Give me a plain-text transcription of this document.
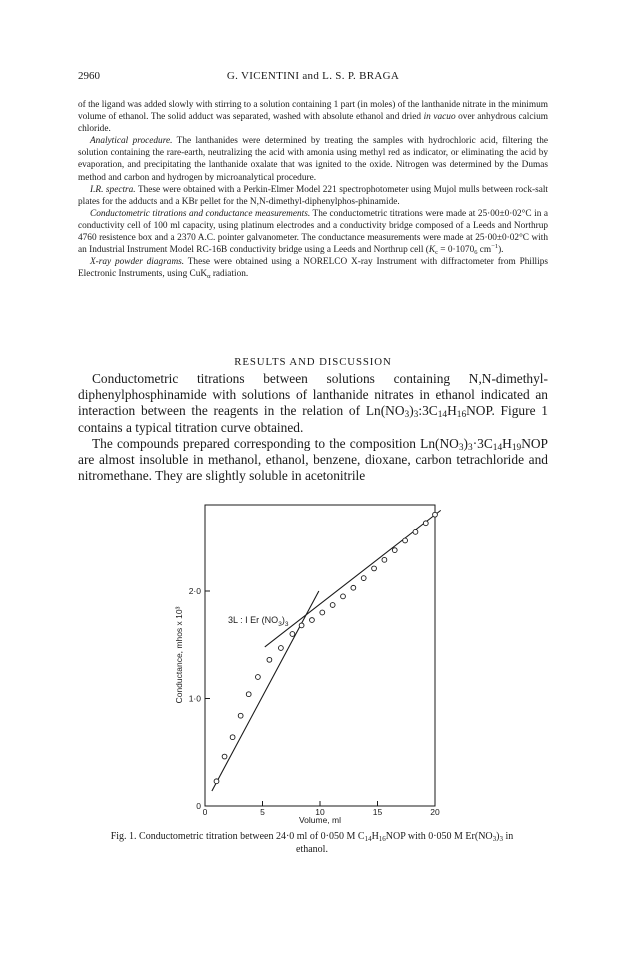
2960	G. VICENTINI and L. S. P. BRAGA

of the ligand was added slowly with stirring to a solution containing 1 part (in moles) of the lanthanide nitrate in the minimum volume of ethanol. The solid adduct was separated, washed with absolute ethanol and dried in vacuo over anhydrous calcium chloride.

Analytical procedure. The lanthanides were determined by treating the samples with hydrochloric acid, filtering the solution containing the rare-earth, neutralizing the acid with amonia using methyl red as indicator, or eliminating the acid by evaporation, and precipitating the lanthanide oxalate that was ignited to the oxide. Nitrogen was determined by the Dumas method and carbon and hydrogen by microanalytical procedure.

I.R. spectra. These were obtained with a Perkin-Elmer Model 221 spectrophotometer using Mujol mulls between rock-salt plates for the adducts and a KBr pellet for the N,N-dimethyl-diphenylphos-phinamide.

Conductometric titrations and conductance measurements. The conductometric titrations were made at 25·00±0·02°C in a conductivity cell of 100 ml capacity, using platinum electrodes and a conductivity bridge composed of a Leeds and Northrup 4760 resistence box and a 2370 A.C. pointer galvanometer. The conductance measurements were made at 25·00±0·02°C with an Industrial Instrument Model RC-16B conductivity bridge using a Leeds and Northrup cell ($K_c = 0\cdot 1070_6$ $cm^{-1}$).

X-ray powder diagrams. These were obtained using a NORELCO X-ray Instrument with diffractometer from Phillips Electronic Instruments, using CuK$_\alpha$ radiation.

RESULTS AND DISCUSSION

Conductometric titrations between solutions containing N,N-dimethyl-diphenylphosphinamide with solutions of lanthanide nitrates in ethanol indicated an interaction between the reagents in the relation of $Ln(NO_3)_3:3C_{14}H_{16}NOP$. Figure 1 contains a typical titration curve obtained.

The compounds prepared corresponding to the composition $Ln(NO_3)_3\cdot 3C_{14}H_{19}NOP$ are almost insoluble in methanol, ethanol, benzene, dioxane, carbon tetrachloride and nitromethane. They are slightly soluble in acetonitrile

0	5	10	15	20
0
1·0
2·0
3L : I Er $(NO_3)_3$
Volume, ml
Conductance, mhos x 10³
Fig. 1. Conductometric titration between 24·0 ml of 0·050 M $C_{14}H_{16}NOP$ with 0·050 M $Er(NO_3)_3$ in ethanol.
